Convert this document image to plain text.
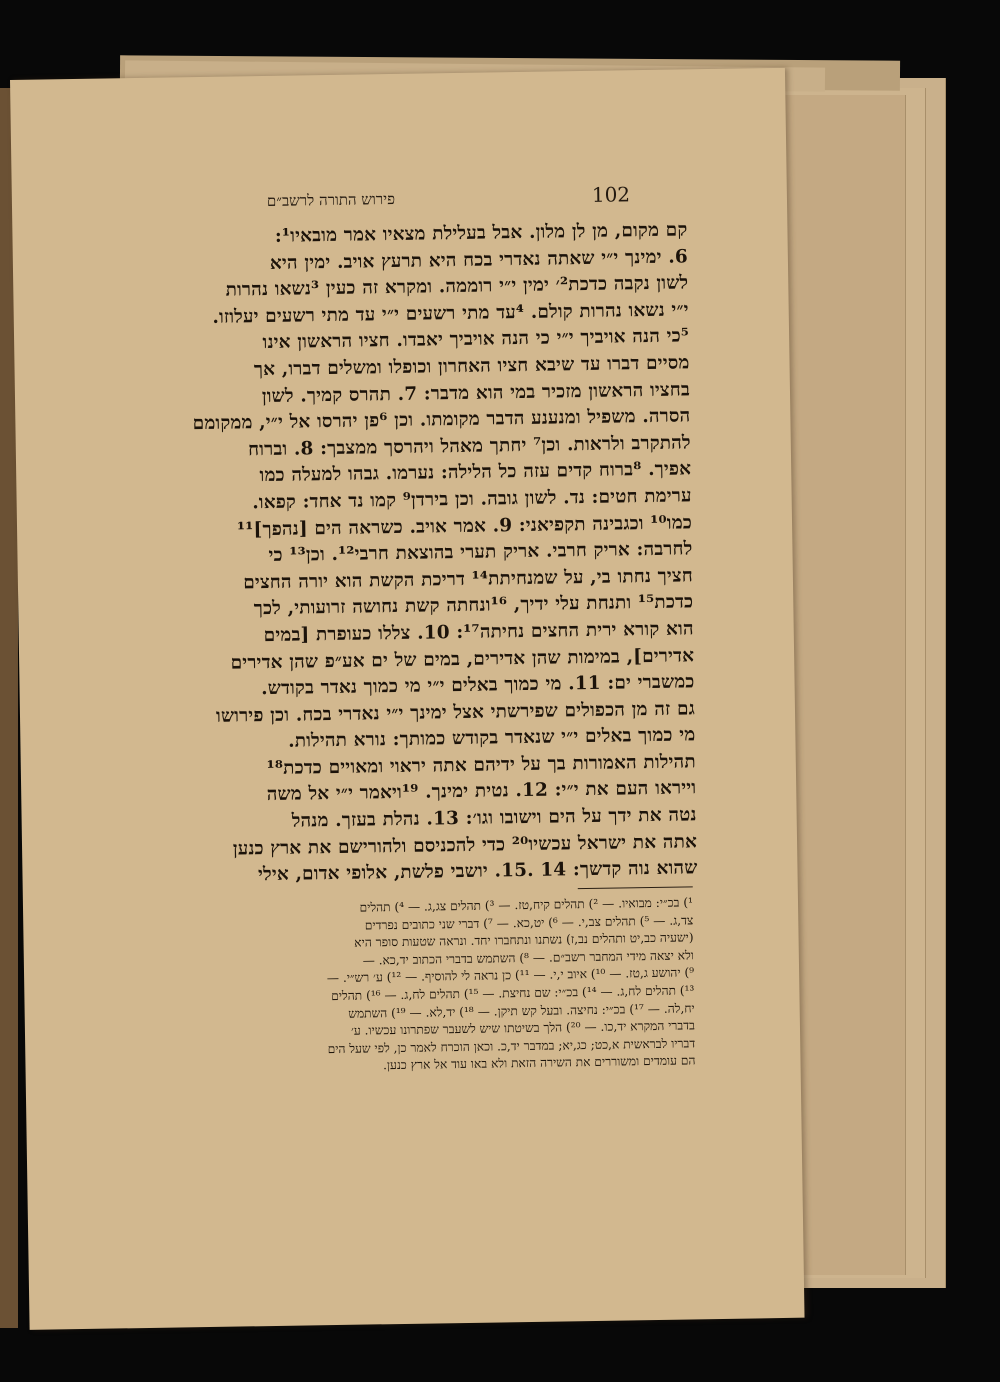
102
פירוש התורה לרשב״ם
קם מקום, מן לן מלון. אבל בעלילת מצאיו אמר מובאיו¹:
6. ימינך י״י שאתה נאדרי בכח היא תרעץ אויב. ימין היא
לשון נקבה כדכת²׳ ימין י״י רוממה. ומקרא זה כעין ³נשאו נהרות
י״י נשאו נהרות קולם. ⁴עד מתי רשעים י״י עד מתי רשעים יעלוזו.
⁵כי הנה אויביך י״י כי הנה אויביך יאבדו. חציו הראשון אינו
מסיים דברו עד שיבא חציו האחרון וכופלו ומשלים דברו, אך
בחציו הראשון מזכיר במי הוא מדבר: 7. תהרס קמיך. לשון
הסרה. משפיל ומנענע הדבר מקומתו. וכן ⁶פן יהרסו אל י״י, ממקומם
להתקרב ולראות. וכן⁷ יחתך מאהל ויהרסך ממצבך: 8. וברוח
אפיך. ⁸ברוח קדים עזה כל הלילה: נערמו. גבהו למעלה כמו
ערימת חטים: נד. לשון גובה. וכן בירדן⁹ קמו נד אחד: קפאו.
כמו¹⁰ וכגבינה תקפיאני: 9. אמר אויב. כשראה הים [נהפך]¹¹
לחרבה: אריק חרבי. אריק תערי בהוצאת חרבי¹². וכן¹³ כי
חציך נחתו בי, על שמנחיתת¹⁴ דריכת הקשת הוא יורה החצים
כדכת¹⁵ ותנחת עלי ידיך, ¹⁶ונחתה קשת נחושה זרועותי, לכך
הוא קורא ירית החצים נחיתה¹⁷: 10. צללו כעופרת [במים
אדירים], במימות שהן אדירים, במים של ים אע״פ שהן אדירים
כמשברי ים: 11. מי כמוך באלים י״י מי כמוך נאדר בקודש.
גם זה מן הכפולים שפירשתי אצל ימינך י״י נאדרי בכח. וכן פירושו
מי כמוך באלים י״י שנאדר בקודש כמותך: נורא תהילות.
תהילות האמורות בך על ידיהם אתה יראוי ומאויים כדכת¹⁸
וייראו העם את י״י: 12. נטית ימינך. ¹⁹ויאמר י״י אל משה
נטה את ידך על הים וישובו וגו׳: 13. נהלת בעזך. מנהל
אתה את ישראל עכשיו²⁰ כדי להכניסם ולהורישם את ארץ כנען
שהוא נוה קדשך: 14 .15. יושבי פלשת, אלופי אדום, אילי
¹) בכ״י: מבואיו. — ²) תהלים קיח,טז. — ³) תהלים צג,ג. — ⁴) תהלים
צד,ג. — ⁵) תהלים צב,י. — ⁶) יט,כא. — ⁷) דברי שני כתובים נפרדים
(ישעיה כב,יט ותהלים נב,ז) נשתנו ונתחברו יחד. ונראה שטעות סופר היא
ולא יצאה מידי המחבר רשב״ם. — ⁸) השתמש בדברי הכתוב יד,כא. —
⁹) יהושע ג,טז. — ¹⁰) איוב י,י. — ¹¹) כן נראה לי להוסיף. — ¹²) ע׳ רש״י. —
¹³) תהלים לח,ג. — ¹⁴) בכ״י: שם נחיצת. — ¹⁵) תהלים לח,ג. — ¹⁶) תהלים
יח,לה. — ¹⁷) בכ״י: נחיצה. ובעל קש תיקן. — ¹⁸) יד,לא. — ¹⁹) השתמש
בדברי המקרא יד,כו. — ²⁰) הלך בשיטתו שיש לשעבר שפתרונו עכשיו. ע׳
דבריו לבראשית א,כט; כג,יא; במדבר יד,כ. וכאן הוכרח לאמר כן, לפי שעל הים
הם עומדים ומשוררים את השירה הזאת ולא באו עוד אל ארץ כנען.
